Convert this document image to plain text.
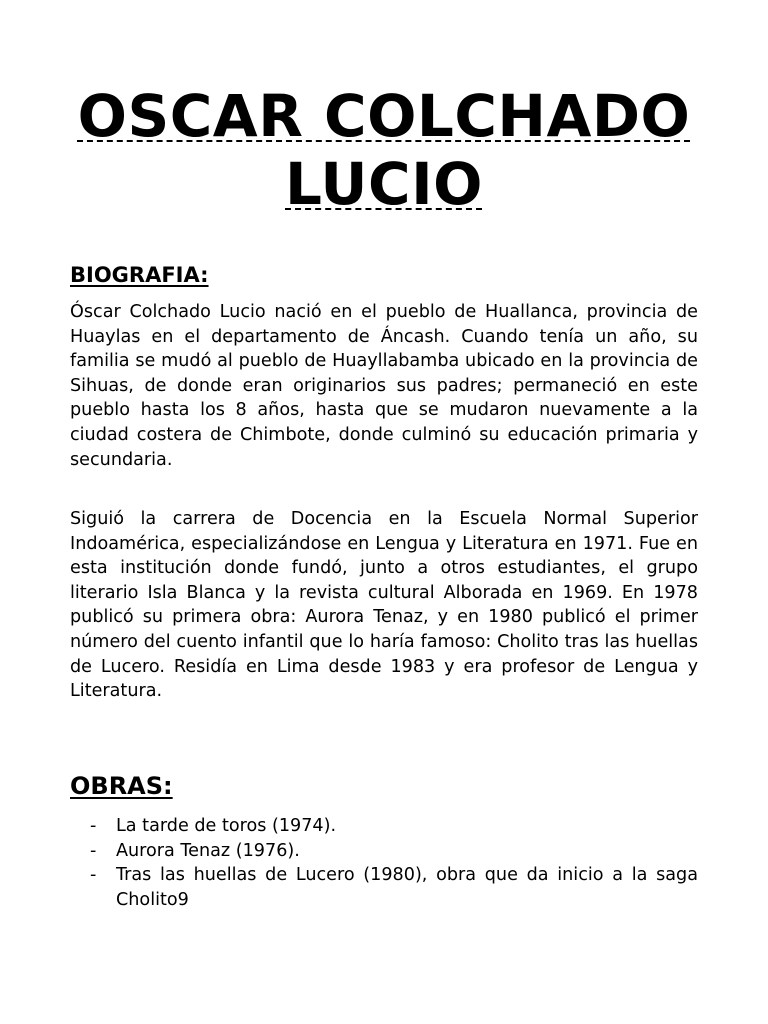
OSCAR COLCHADO
LUCIO
BIOGRAFIA:

Óscar Colchado Lucio nació en el pueblo de Huallanca, provincia de Huaylas en el departamento de Áncash. Cuando tenía un año, su familia se mudó al pueblo de Huayllabamba ubicado en la provincia de Sihuas, de donde eran originarios sus padres; permaneció en este pueblo hasta los 8 años, hasta que se mudaron nuevamente a la ciudad costera de Chimbote, donde culminó su educación primaria y secundaria.

Siguió la carrera de Docencia en la Escuela Normal Superior Indoamérica, especializándose en Lengua y Literatura en 1971. Fue en esta institución donde fundó, junto a otros estudiantes, el grupo literario Isla Blanca y la revista cultural Alborada en 1969. En 1978 publicó su primera obra: Aurora Tenaz, y en 1980 publicó el primer número del cuento infantil que lo haría famoso: Cholito tras las huellas de Lucero. Residía en Lima desde 1983 y era profesor de Lengua y Literatura.

OBRAS:
- La tarde de toros (1974).
- Aurora Tenaz (1976).
- Tras las huellas de Lucero (1980), obra que da inicio a la saga Cholito9
